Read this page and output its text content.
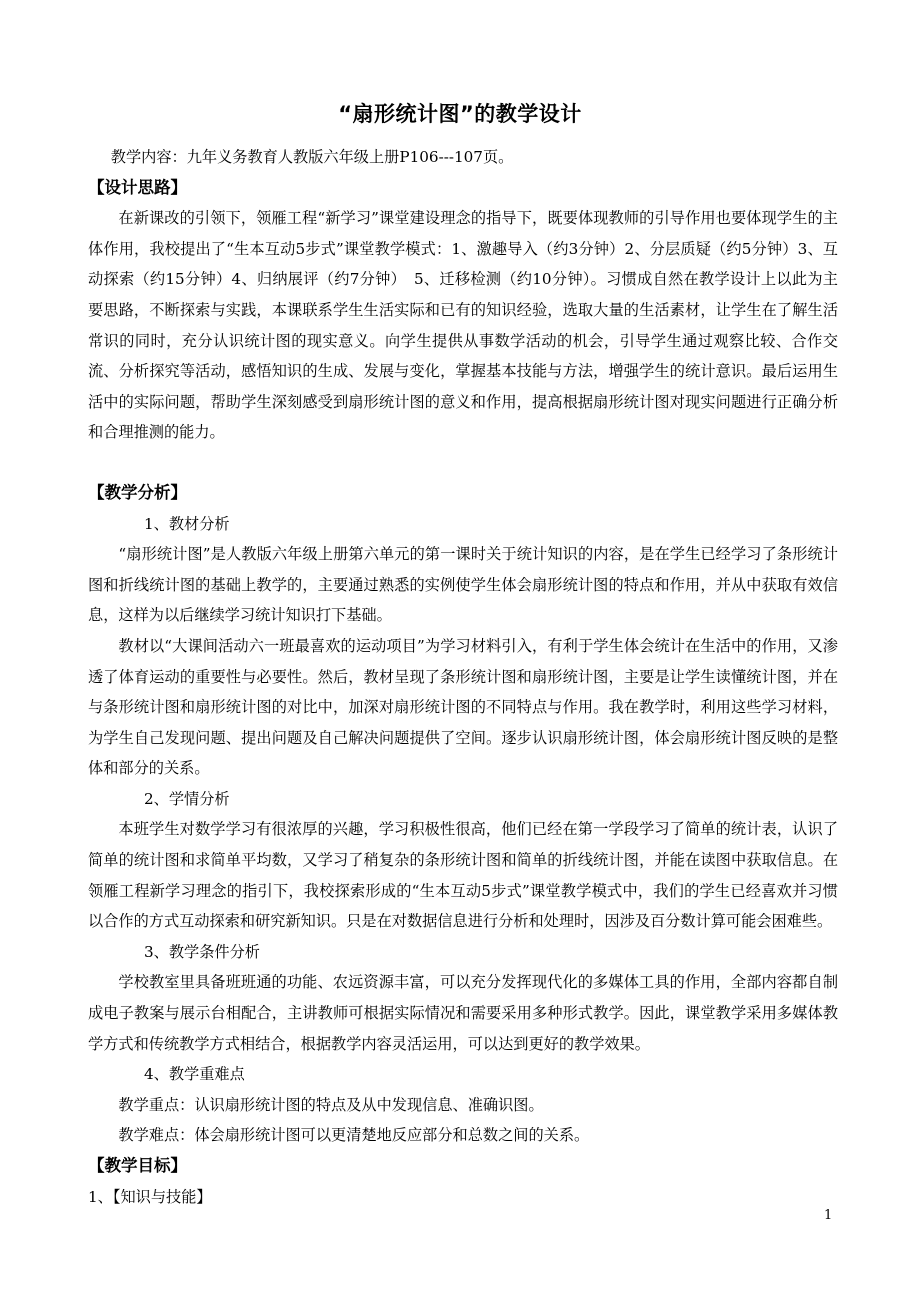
“扇形统计图”的教学设计

教学内容：九年义务教育人教版六年级上册P106---107页。

【设计思路】

在新课改的引领下，领雁工程“新学习”课堂建设理念的指导下，既要体现教师的引导作用也要体现学生的主体作用，我校提出了“生本互动5步式”课堂教学模式：1、激趣导入（约3分钟）2、分层质疑（约5分钟）3、互动探索（约15分钟）4、归纳展评（约7分钟）　5、迁移检测（约10分钟）。习惯成自然在教学设计上以此为主要思路，不断探索与实践，本课联系学生生活实际和已有的知识经验，选取大量的生活素材，让学生在了解生活常识的同时，充分认识统计图的现实意义。向学生提供从事数学活动的机会，引导学生通过观察比较、合作交流、分析探究等活动，感悟知识的生成、发展与变化，掌握基本技能与方法，增强学生的统计意识。最后运用生活中的实际问题，帮助学生深刻感受到扇形统计图的意义和作用，提高根据扇形统计图对现实问题进行正确分析和合理推测的能力。

【教学分析】

1、教材分析

“扇形统计图”是人教版六年级上册第六单元的第一课时关于统计知识的内容，是在学生已经学习了条形统计图和折线统计图的基础上教学的，主要通过熟悉的实例使学生体会扇形统计图的特点和作用，并从中获取有效信息，这样为以后继续学习统计知识打下基础。

教材以“大课间活动六一班最喜欢的运动项目”为学习材料引入，有利于学生体会统计在生活中的作用，又渗透了体育运动的重要性与必要性。然后，教材呈现了条形统计图和扇形统计图，主要是让学生读懂统计图，并在与条形统计图和扇形统计图的对比中，加深对扇形统计图的不同特点与作用。我在教学时，利用这些学习材料，为学生自己发现问题、提出问题及自己解决问题提供了空间。逐步认识扇形统计图，体会扇形统计图反映的是整体和部分的关系。

2、学情分析

本班学生对数学学习有很浓厚的兴趣，学习积极性很高，他们已经在第一学段学习了简单的统计表，认识了简单的统计图和求简单平均数，又学习了稍复杂的条形统计图和简单的折线统计图，并能在读图中获取信息。在领雁工程新学习理念的指引下，我校探索形成的“生本互动5步式”课堂教学模式中，我们的学生已经喜欢并习惯以合作的方式互动探索和研究新知识。只是在对数据信息进行分析和处理时，因涉及百分数计算可能会困难些。

3、教学条件分析

学校教室里具备班班通的功能、农远资源丰富，可以充分发挥现代化的多媒体工具的作用，全部内容都自制成电子教案与展示台相配合，主讲教师可根据实际情况和需要采用多种形式教学。因此，课堂教学采用多媒体教学方式和传统教学方式相结合，根据教学内容灵活运用，可以达到更好的教学效果。

4、教学重难点

教学重点：认识扇形统计图的特点及从中发现信息、准确识图。

教学难点：体会扇形统计图可以更清楚地反应部分和总数之间的关系。

【教学目标】

1、【知识与技能】

1
